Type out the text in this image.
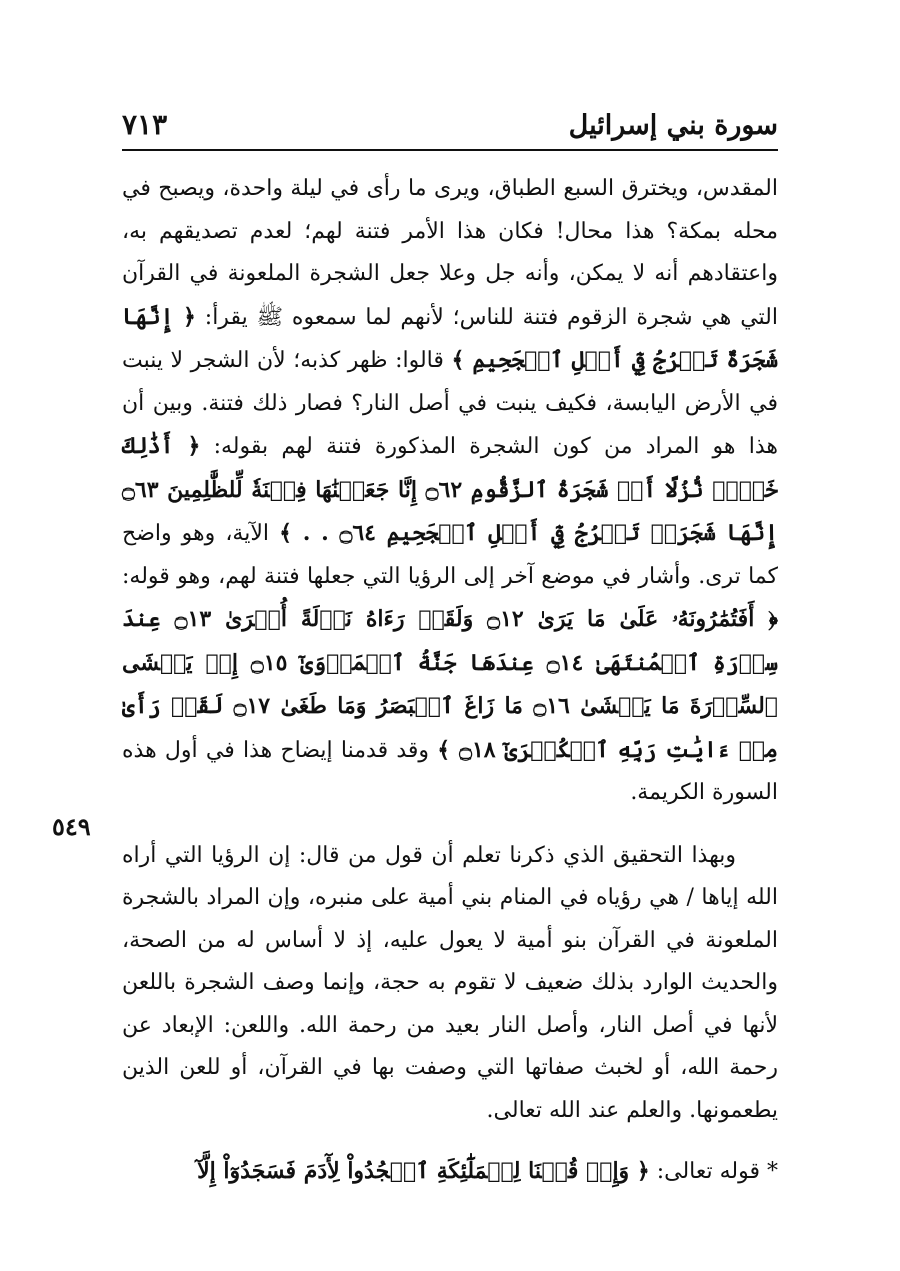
سورة بني إسرائيل
٧١٣
٥٤٩

المقدس، ويخترق السبع الطباق، ويرى ما رأى في ليلة واحدة، ويصبح في محله بمكة؟ هذا محال! فكان هذا الأمر فتنة لهم؛ لعدم تصديقهم به، واعتقادهم أنه لا يمكن، وأنه جل وعلا جعل الشجرة الملعونة في القرآن التي هي شجرة الزقوم فتنة للناس؛ لأنهم لما سمعوه ﷺ يقرأ: ﴿ إِنَّهَا شَجَرَةٌ تَخۡرُجُ فِيٓ أَصۡلِ ٱلۡجَحِيمِ ﴾ قالوا: ظهر كذبه؛ لأن الشجر لا ينبت في الأرض اليابسة، فكيف ينبت في أصل النار؟ فصار ذلك فتنة. وبين أن هذا هو المراد من كون الشجرة المذكورة فتنة لهم بقوله: ﴿ أَذَٰلِكَ خَيۡرٞ نُّزُلًا أَمۡ شَجَرَةُ ٱلزَّقُّومِ ۝٦٢ إِنَّا جَعَلۡنَٰهَا فِتۡنَةٗ لِّلظَّٰلِمِينَ ۝٦٣ إِنَّهَا شَجَرَةٞ تَخۡرُجُ فِيٓ أَصۡلِ ٱلۡجَحِيمِ ۝٦٤ . . ﴾ الآية، وهو واضح كما ترى. وأشار في موضع آخر إلى الرؤيا التي جعلها فتنة لهم، وهو قوله: ﴿ أَفَتُمَٰرُونَهُۥ عَلَىٰ مَا يَرَىٰ ۝١٢ وَلَقَدۡ رَءَاهُ نَزۡلَةً أُخۡرَىٰ ۝١٣ عِندَ سِدۡرَةِ ٱلۡمُنتَهَىٰ ۝١٤ عِندَهَا جَنَّةُ ٱلۡمَأۡوَىٰٓ ۝١٥ إِذۡ يَغۡشَى ٱلسِّدۡرَةَ مَا يَغۡشَىٰ ۝١٦ مَا زَاغَ ٱلۡبَصَرُ وَمَا طَغَىٰ ۝١٧ لَقَدۡ رَأَىٰ مِنۡ ءَايَٰتِ رَبِّهِ ٱلۡكُبۡرَىٰٓ ۝١٨ ﴾ وقد قدمنا إيضاح هذا في أول هذه السورة الكريمة.

وبهذا التحقيق الذي ذكرنا تعلم أن قول من قال: إن الرؤيا التي أراه الله إياها / هي رؤياه في المنام بني أمية على منبره، وإن المراد بالشجرة الملعونة في القرآن بنو أمية لا يعول عليه، إذ لا أساس له من الصحة، والحديث الوارد بذلك ضعيف لا تقوم به حجة، وإنما وصف الشجرة باللعن لأنها في أصل النار، وأصل النار بعيد من رحمة الله. واللعن: الإبعاد عن رحمة الله، أو لخبث صفاتها التي وصفت بها في القرآن، أو للعن الذين يطعمونها. والعلم عند الله تعالى.

* قوله تعالى: ﴿ وَإِذۡ قُلۡنَا لِلۡمَلَٰٓئِكَةِ ٱسۡجُدُواْ لِأٓدَمَ فَسَجَدُوٓاْ إِلَّآ
